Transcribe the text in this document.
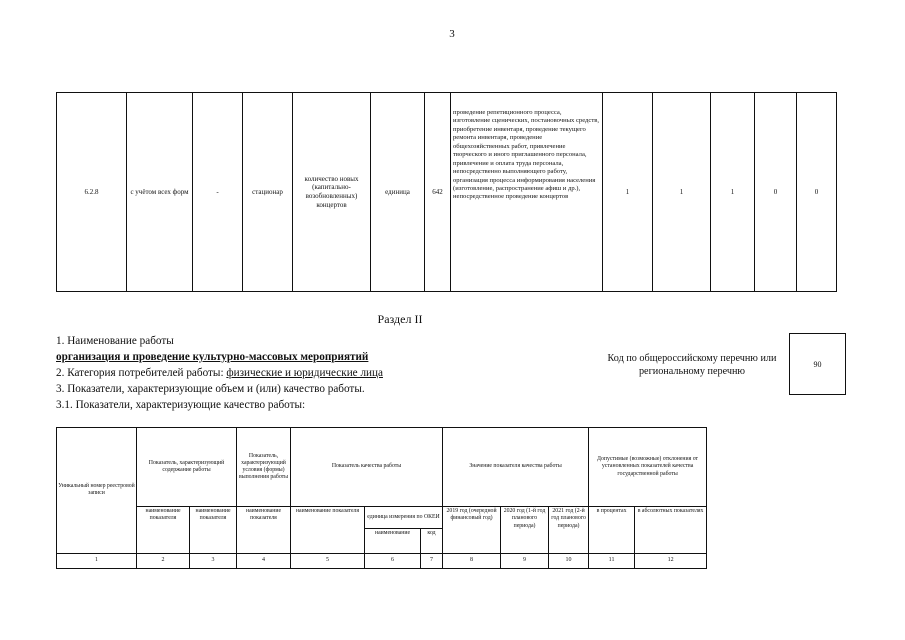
3
6.2.8	с учётом всех форм	-	стационар	количество новых (капитально-возобновленных) концертов	единица	642	проведение репетиционного процесса, изготовление сценических, постановочных средств, приобретение инвентаря, проведение текущего ремонта инвентаря, проведение общехозяйственных работ, привлечение творческого и иного приглашенного персонала, привлечение и оплата труда персонала, непосредственно выполняющего работу, организация процесса информирования населения (изготовление, распространение афиш и др.), непосредственное проведение концертов	1	1	1	0	0
Раздел II
1. Наименование работы
организация и проведение культурно-массовых мероприятий
2. Категория потребителей работы: физические и юридические лица
3. Показатели, характеризующие объем и (или) качество работы.
3.1. Показатели, характеризующие качество работы:
Код по общероссийскому перечню или региональному перечню
90
Уникальный номер реестровой записи	Показатель, характеризующий содержание работы		Показатель, характеризующий условия (формы) выполнения работы	Показатель качества работы			Значение показателя качества работы			Допустимые (возможные) отклонения от установленных показателей качества государственной работы	
	наименование показателя	наименование показателя	наименование показателя	наименование показателя	единица измерения по ОКЕИ		2019 год (очередной финансовый год)	2020 год (1-й год планового периода)	2021 год (2-й год планового периода)	в процентах	в абсолютных показателях
					наименование	код					
1	2	3	4	5	6	7	8	9	10	11	12
